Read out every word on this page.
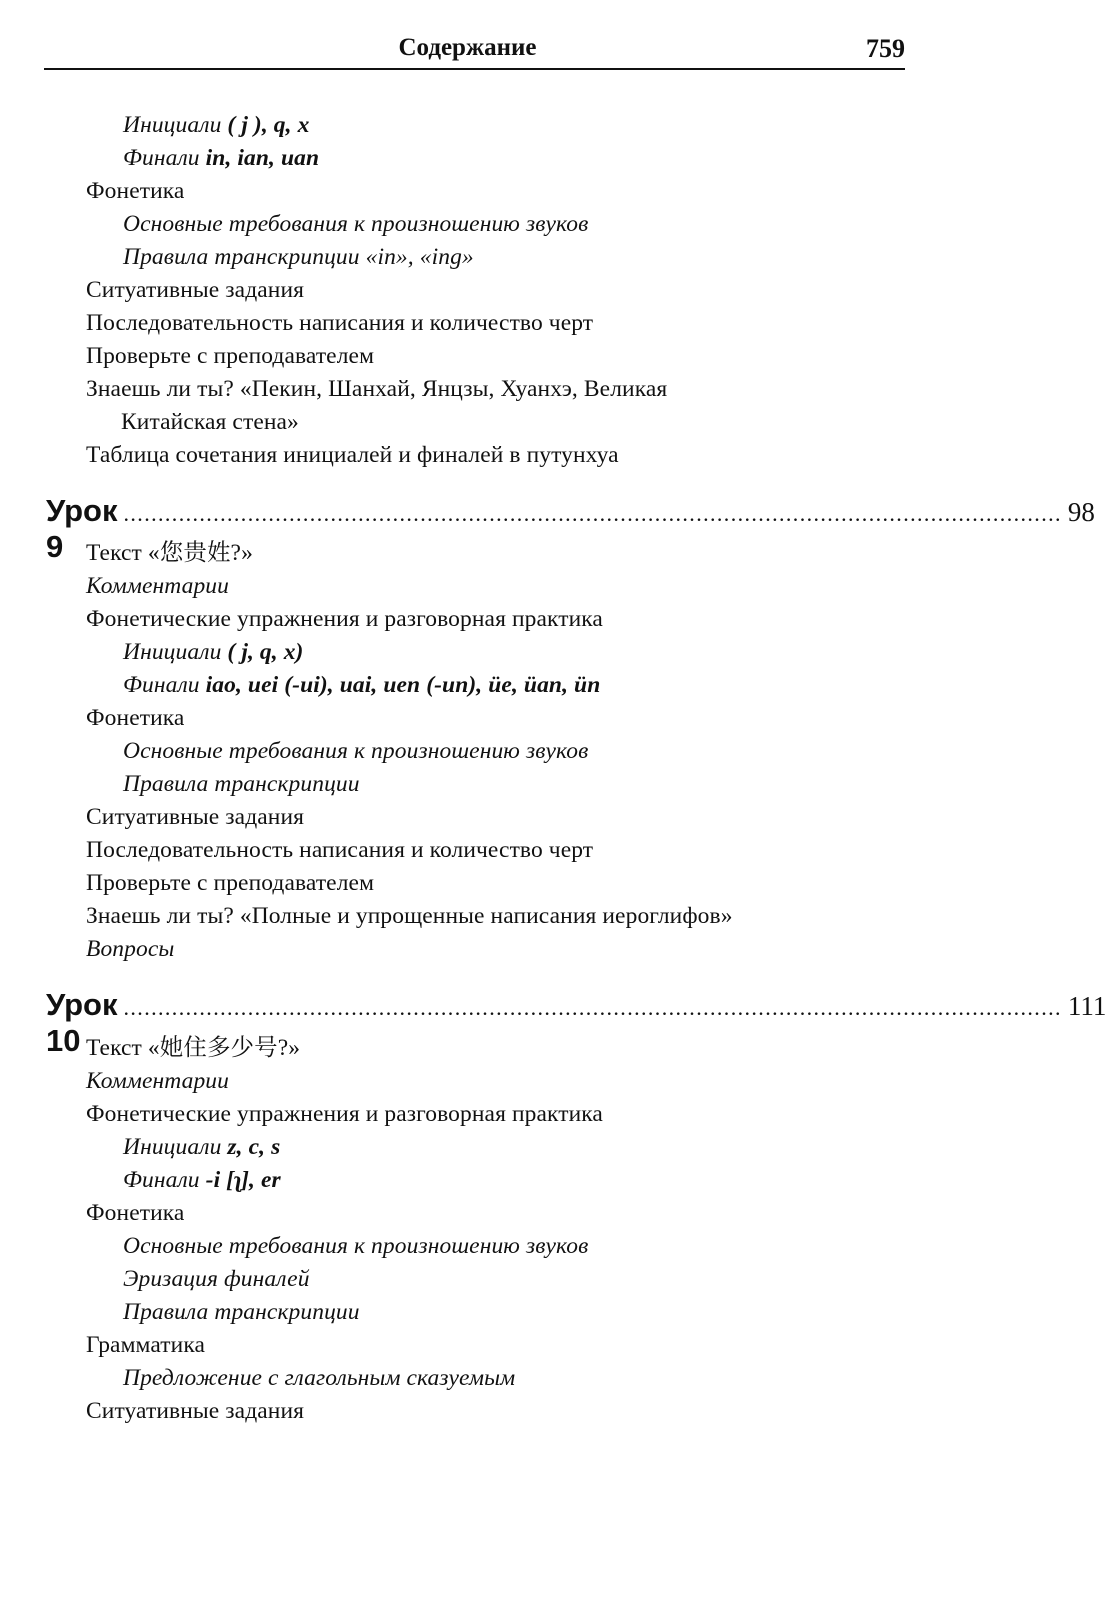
Содержание	759
Инициали ( j ), q, x
Финали in, ian, uan
Фонетика
Основные требования к произношению звуков
Правила транскрипции «in», «ing»
Ситуативные задания
Последовательность написания и количество черт
Проверьте с преподавателем
Знаешь ли ты? «Пекин, Шанхай, Янцзы, Хуанхэ, Великая
Китайская стена»
Таблица сочетания инициалей и финалей в путунхуа
Урок 9
........................................................................................................................................ 98
Текст «您贵姓?»
Комментарии
Фонетические упражнения и разговорная практика
Инициали ( j, q, x)
Финали iao, uei (-ui), uai, uen (-un), üe, üan, ün
Фонетика
Основные требования к произношению звуков
Правила транскрипции
Ситуативные задания
Последовательность написания и количество черт
Проверьте с преподавателем
Знаешь ли ты? «Полные и упрощенные написания иероглифов»
Вопросы
Урок 10
........................................................................................................................................ 111
Текст «她住多少号?»
Комментарии
Фонетические упражнения и разговорная практика
Инициали z, c, s
Финали -i [ʅ], er
Фонетика
Основные требования к произношению звуков
Эризация финалей
Правила транскрипции
Грамматика
Предложение с глагольным сказуемым
Ситуативные задания
